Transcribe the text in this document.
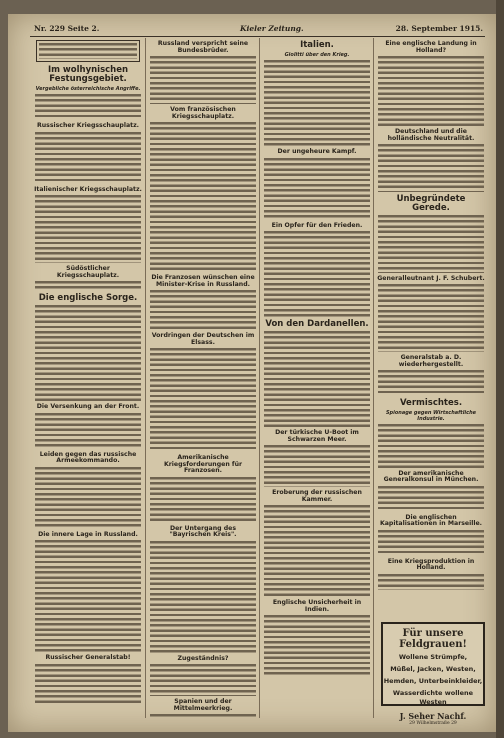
Nr. 229 Seite 2.	Kieler Zeitung.	28. September 1915.
Im wolhynischen Festungsgebiet.
Vergebliche österreichische Angriffe.
Russischer Kriegsschauplatz.
Italienischer Kriegsschauplatz.
Südöstlicher Kriegsschauplatz.
Die englische Sorge.
Die Versenkung an der Front.
Leiden gegen das russische Armeekommando.
Die innere Lage in Russland.
Russischer Generalstab!
Russland verspricht seine Bundesbrüder.
Vom französischen Kriegsschauplatz.
Die Franzosen wünschen eine Minister-Krise in Russland.
Vordringen der Deutschen im Elsass.
Amerikanische Kriegsforderungen für Franzosen.
Der Untergang des "Bayrischen Kreis".
Zugeständnis?
Spanien und der Mittelmeerkrieg.
Italien.
Giolitti über den Krieg.
Der ungeheure Kampf.
Ein Opfer für den Frieden.
Von den Dardanellen.
Der türkische U-Boot im Schwarzen Meer.
Eroberung der russischen Kammer.
Englische Unsicherheit in Indien.
Eine englische Landung in Holland?
Deutschland und die holländische Neutralität.
Unbegründete Gerede.
Generalleutnant J. F. Schubert.
Generalstab a. D. wiederhergestellt.
Vermischtes.
Spionage gegen Wirtschaftliche Industrie.
Der amerikanische Generalkonsul in München.
Die englischen Kapitalisationen in Marseille.
Eine Kriegsproduktion in Holland.
Für unsere Feldgrauen!
Wollene Strümpfe,
Müßel, Jacken, Westen,
Hemden, Unterbeinkleider,
Wasserdichte wollene Westen
J. Seher Nachf.
29 Wilhelmstraße 29
